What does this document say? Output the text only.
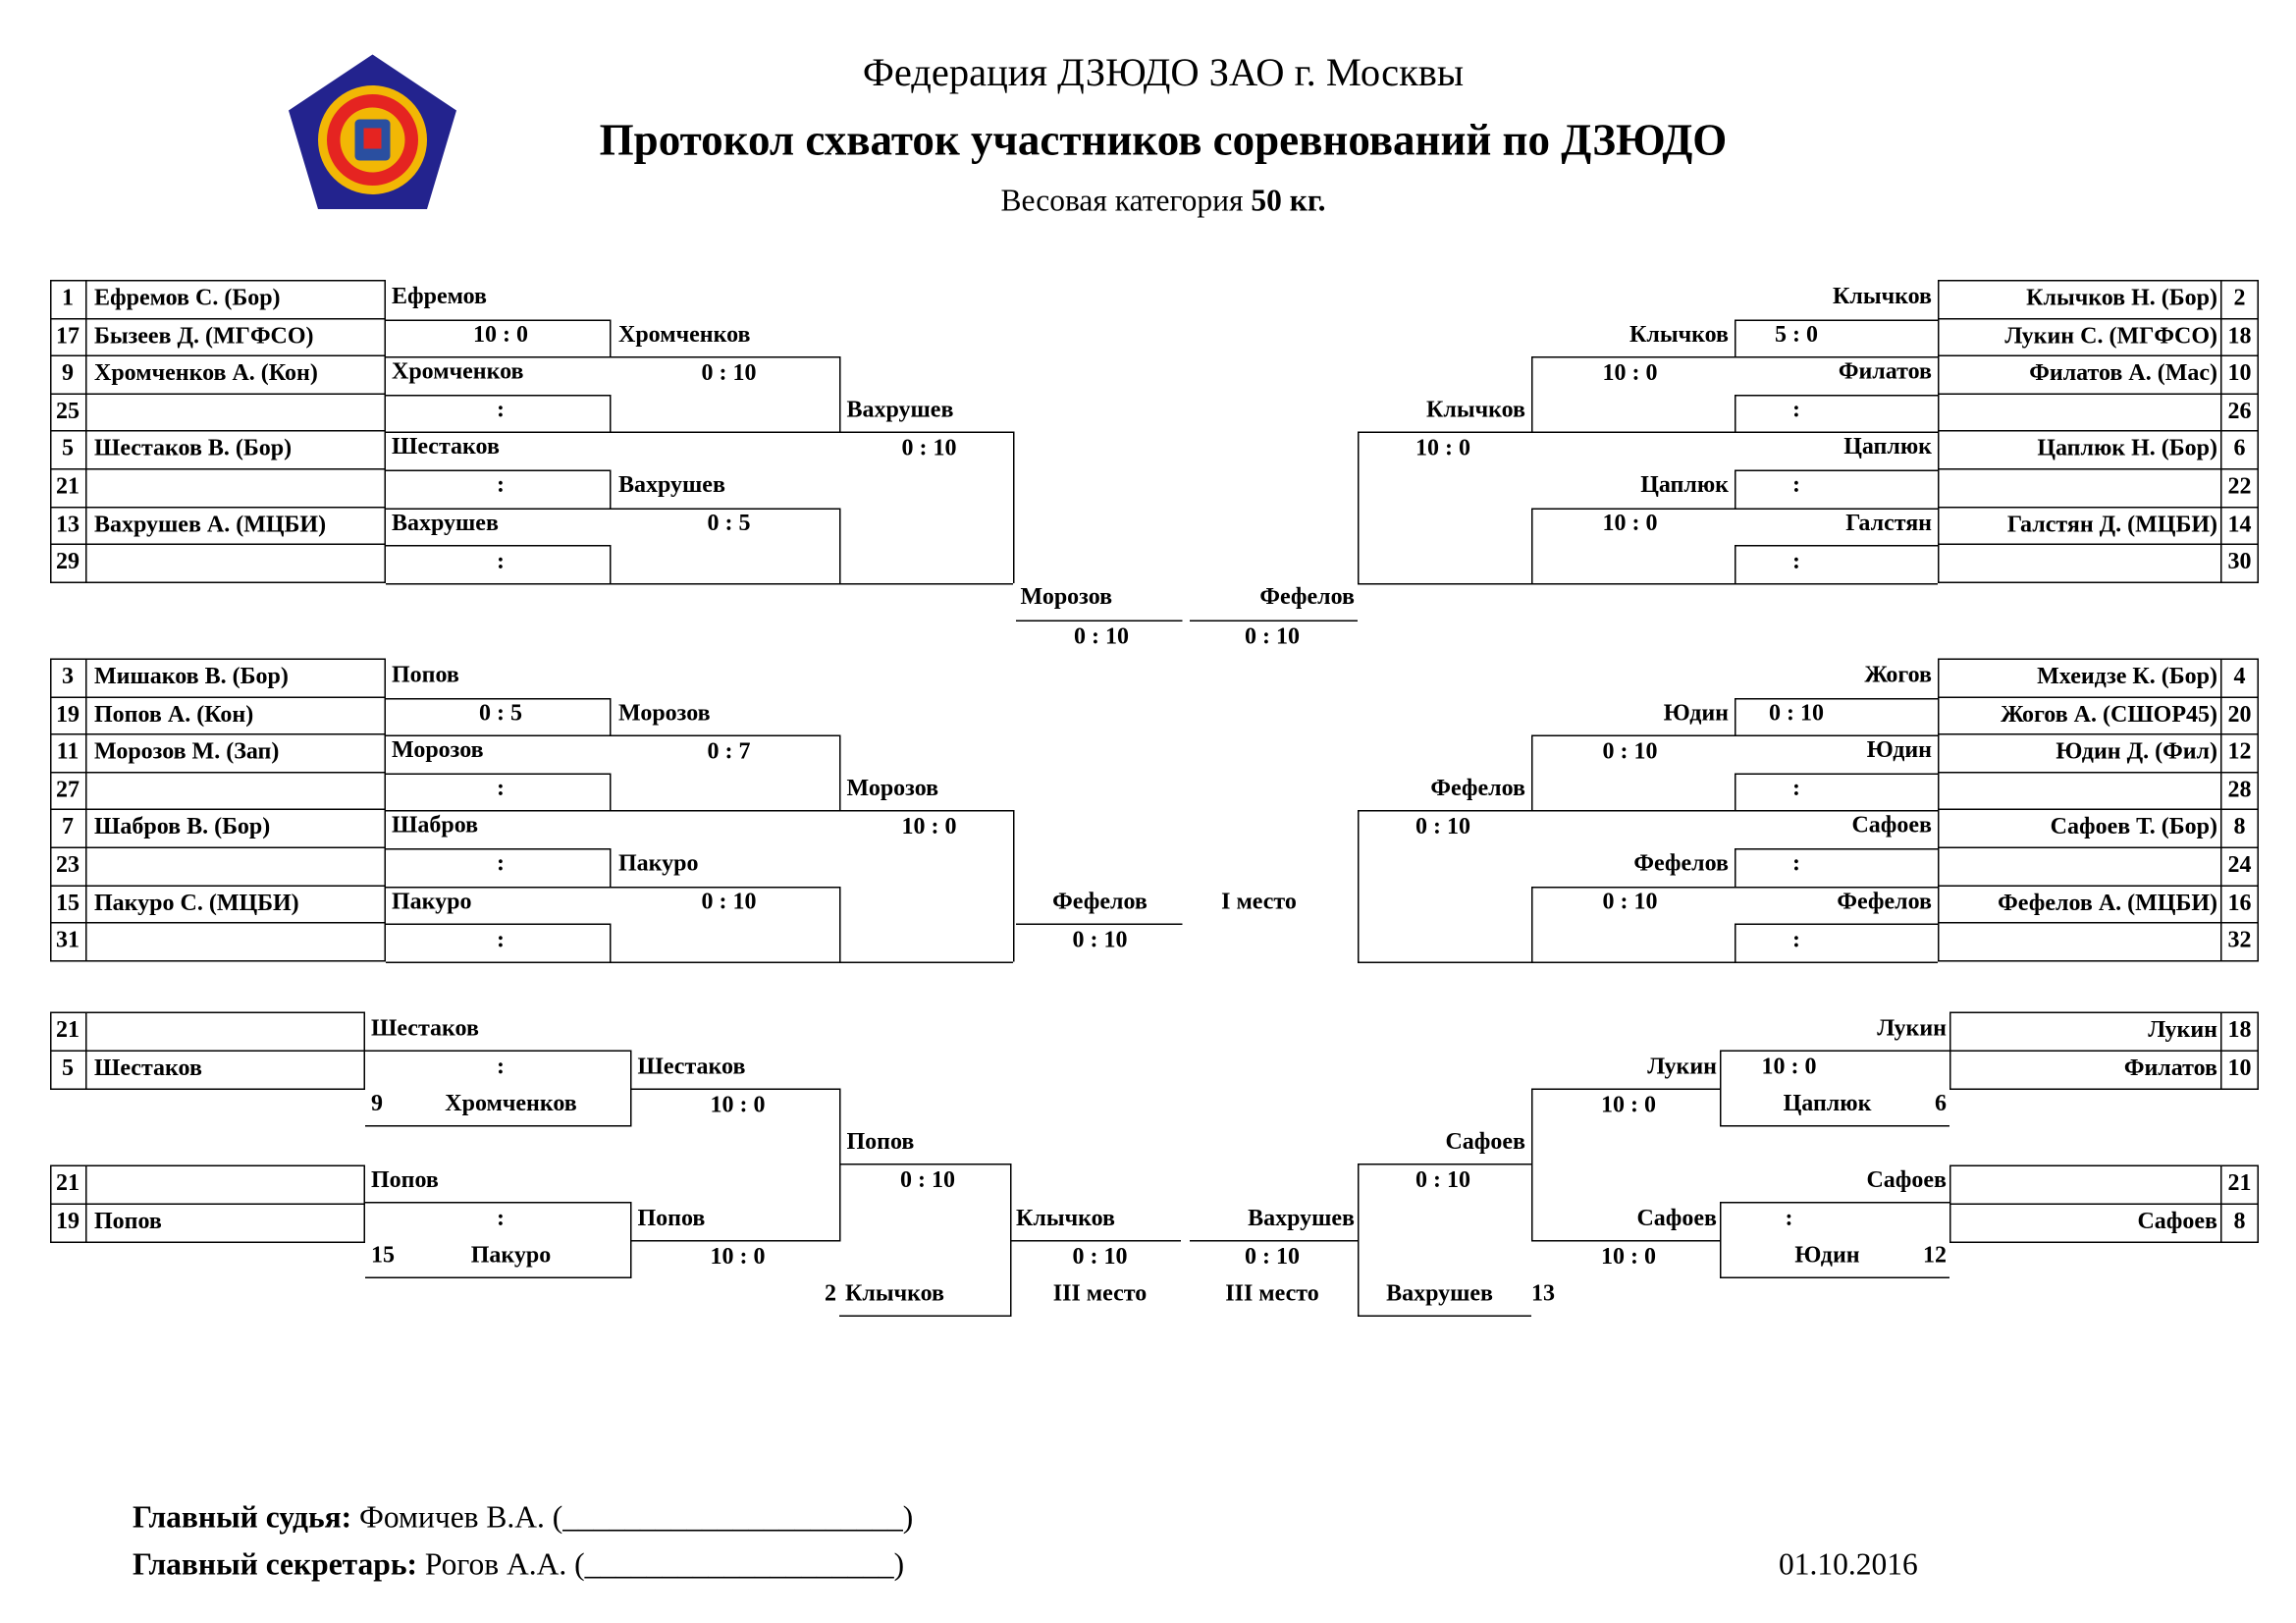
Федерация ДЗЮДО ЗАО г. Москвы
Протокол схваток участников соревнований по ДЗЮДО
Весовая категория 50 кг.
1	Ефремов С. (Бор)
17 Бызеев Д. (МГФСО)
9	Хромченков А. (Кон)
25
5	Шестаков В. (Бор)
21
13 Вахрушев А. (МЦБИ)
29
3	Мишаков В. (Бор)
19 Попов А. (Кон)
11 Морозов М. (Зап)
27
7	Шабров В. (Бор)
23
15 Пакуро С. (МЦБИ)
31
Клычков Н. (Бор)	2
Лукин С. (МГФСО) 18
Филатов А. (Мас) 10
26
Цаплюк Н. (Бор)	6
22
Галстян Д. (МЦБИ) 14
30
Мхеидзе К. (Бор)	4
Жогов А. (СШОР45) 20
Юдин Д. (Фил) 12
28
Сафоев Т. (Бор)	8
24
Фефелов А. (МЦБИ) 16
32
Ефремов
10 : 0
Хромченков
:
Шестаков
:
Вахрушев
:
Хромченков
0 : 10
Вахрушев
0 : 5
Вахрушев
0 : 10
Попов
0 : 5
Морозов
:
Шабров
:
Пакуро
:
Морозов
0 : 7
Пакуро
0 : 10
Морозов
10 : 0
Морозов
0 : 10
Клычков
5 : 0
Филатов
:
Цаплюк
:
Галстян
:
Клычков
10 : 0
Цаплюк
10 : 0
Клычков
10 : 0
Жогов
0 : 10
Юдин
:
Сафоев
:
Фефелов
:
Юдин
0 : 10
Фефелов
0 : 10
Фефелов
0 : 10
Фефелов
0 : 10
Фефелов
0 : 10
I место
21
5	Шестаков
Шестаков
:
9	Хромченков
Шестаков
10 : 0
21
19 Попов
Попов
:
15	Пакуро
Попов
10 : 0
Попов
0 : 10
2 Клычков
Клычков
0 : 10
III место
Лукин 18
Филатов 10
Лукин
10 : 0
Цаплюк	6
Лукин
10 : 0
21
Сафоев	8
Сафоев
:
Юдин	12
Сафоев
10 : 0
Сафоев
0 : 10
Вахрушев	13
Вахрушев
0 : 10
III место
Главный судья: Фомичев В.А. (______________________)
Главный секретарь: Рогов А.А. (____________________)	01.10.2016
